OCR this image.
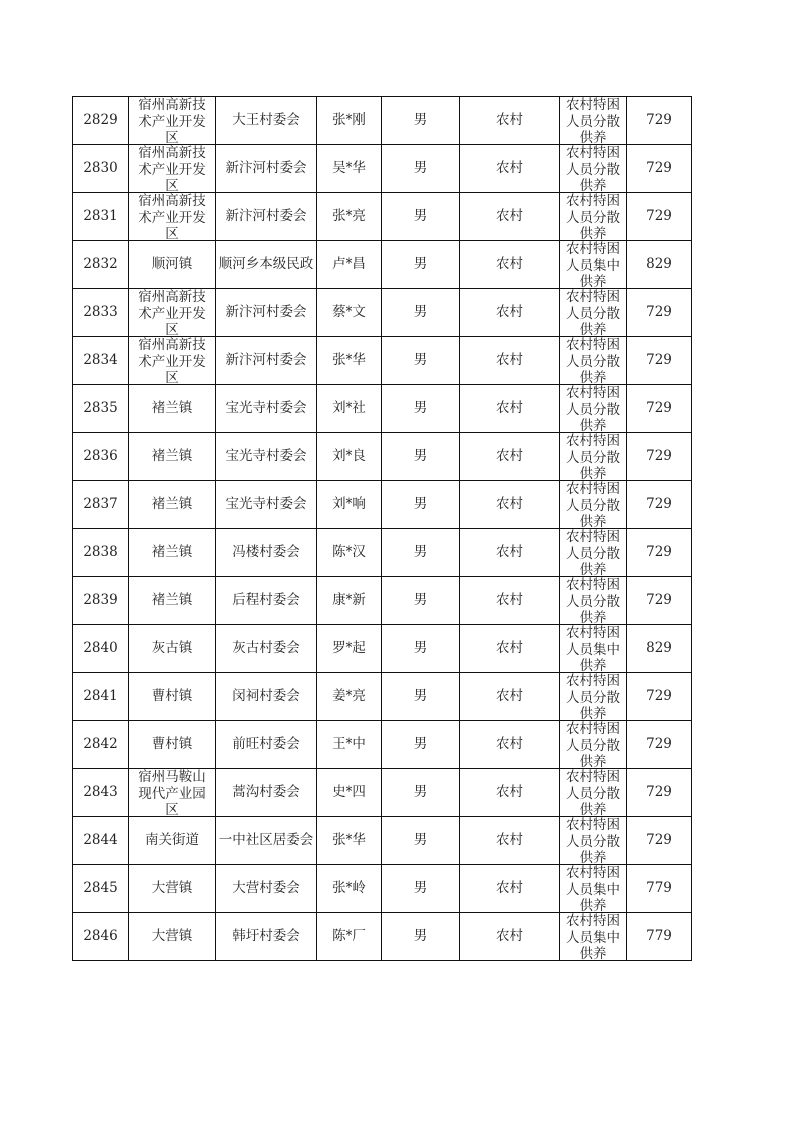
2829	宿州高新技术产业开发区	大王村委会	张*刚	男	农村	农村特困人员分散供养	729

2830	宿州高新技术产业开发区	新汴河村委会	吴*华	男	农村	农村特困人员分散供养	729

2831	宿州高新技术产业开发区	新汴河村委会	张*亮	男	农村	农村特困人员分散供养	729

2832	顺河镇	顺河乡本级民政	卢*昌	男	农村	农村特困人员集中供养	829

2833	宿州高新技术产业开发区	新汴河村委会	蔡*文	男	农村	农村特困人员分散供养	729

2834	宿州高新技术产业开发区	新汴河村委会	张*华	男	农村	农村特困人员分散供养	729

2835	褚兰镇	宝光寺村委会	刘*社	男	农村	农村特困人员分散供养	729

2836	褚兰镇	宝光寺村委会	刘*良	男	农村	农村特困人员分散供养	729

2837	褚兰镇	宝光寺村委会	刘*响	男	农村	农村特困人员分散供养	729

2838	褚兰镇	冯楼村委会	陈*汉	男	农村	农村特困人员分散供养	729

2839	褚兰镇	后程村委会	康*新	男	农村	农村特困人员分散供养	729

2840	灰古镇	灰古村委会	罗*起	男	农村	农村特困人员集中供养	829

2841	曹村镇	闵祠村委会	姜*亮	男	农村	农村特困人员分散供养	729

2842	曹村镇	前旺村委会	王*中	男	农村	农村特困人员分散供养	729

2843	宿州马鞍山现代产业园区	蒿沟村委会	史*四	男	农村	农村特困人员分散供养	729

2844	南关街道	一中社区居委会	张*华	男	农村	农村特困人员分散供养	729

2845	大营镇	大营村委会	张*岭	男	农村	农村特困人员集中供养	779

2846	大营镇	韩圩村委会	陈*厂	男	农村	农村特困人员集中供养	779
